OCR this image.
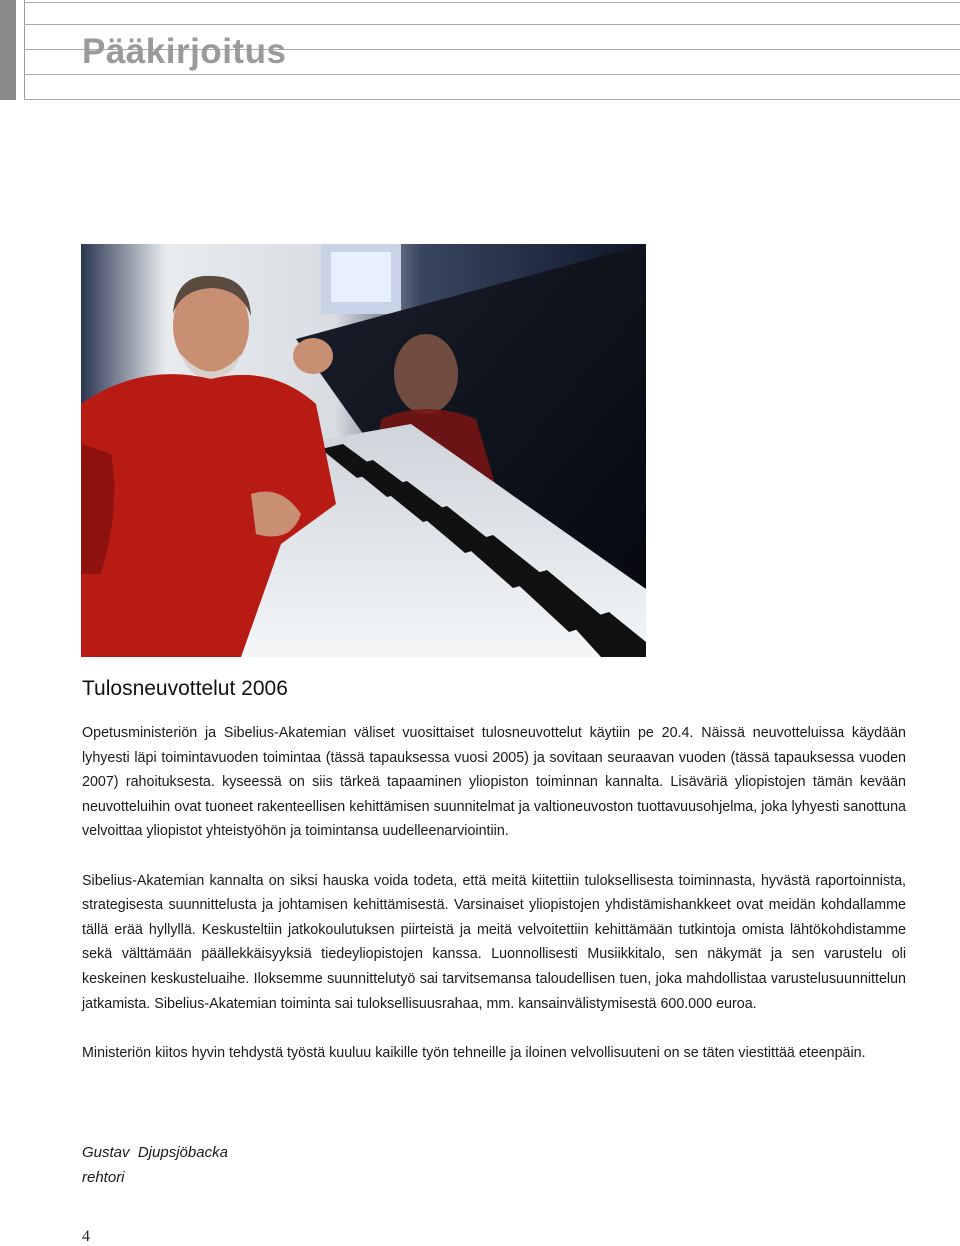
Pääkirjoitus
Tulosneuvottelut 2006

Opetusministeriön ja Sibelius-Akatemian väliset vuosittaiset tulosneuvottelut käytiin pe 20.4. Näissä neuvotteluissa käydään lyhyesti läpi toimintavuoden toimintaa (tässä tapauksessa vuosi 2005) ja sovitaan seuraavan vuoden (tässä tapauksessa vuoden 2007) rahoituksesta. kyseessä on siis tärkeä tapaaminen yliopiston toiminnan kannalta. Lisäväriä yliopistojen tämän kevään neuvotteluihin ovat tuoneet rakenteellisen kehittämisen suunnitelmat ja valtioneuvoston tuottavuusohjelma, joka lyhyesti sanottuna velvoittaa yliopistot yhteistyöhön ja toimintansa uudelleenarviointiin.

Sibelius-Akatemian kannalta on siksi hauska voida todeta, että meitä kiitettiin tuloksellisesta toiminnasta, hyvästä raportoinnista, strategisesta suunnittelusta ja johtamisen kehittämisestä. Varsinaiset yliopistojen yhdistämishankkeet ovat meidän kohdallamme tällä erää hyllyllä. Keskusteltiin jatkokoulutuksen piirteistä ja meitä velvoitettiin kehittämään tutkintoja omista lähtökohdistamme sekä välttämään päällekkäisyyksiä tiedeyliopistojen kanssa. Luonnollisesti Musiikkitalo, sen näkymät ja sen varustelu oli keskeinen keskusteluaihe. Iloksemme suunnittelutyö sai tarvitsemansa taloudellisen tuen, joka mahdollistaa varustelusuunnittelun jatkamista. Sibelius-Akatemian toiminta sai tuloksellisuusrahaa, mm. kansainvälistymisestä 600.000 euroa.

Ministeriön kiitos hyvin tehdystä työstä kuuluu kaikille työn tehneille ja iloinen velvollisuuteni on se täten viestittää eteenpäin.

Gustav  Djupsjöbacka
rehtori
4
